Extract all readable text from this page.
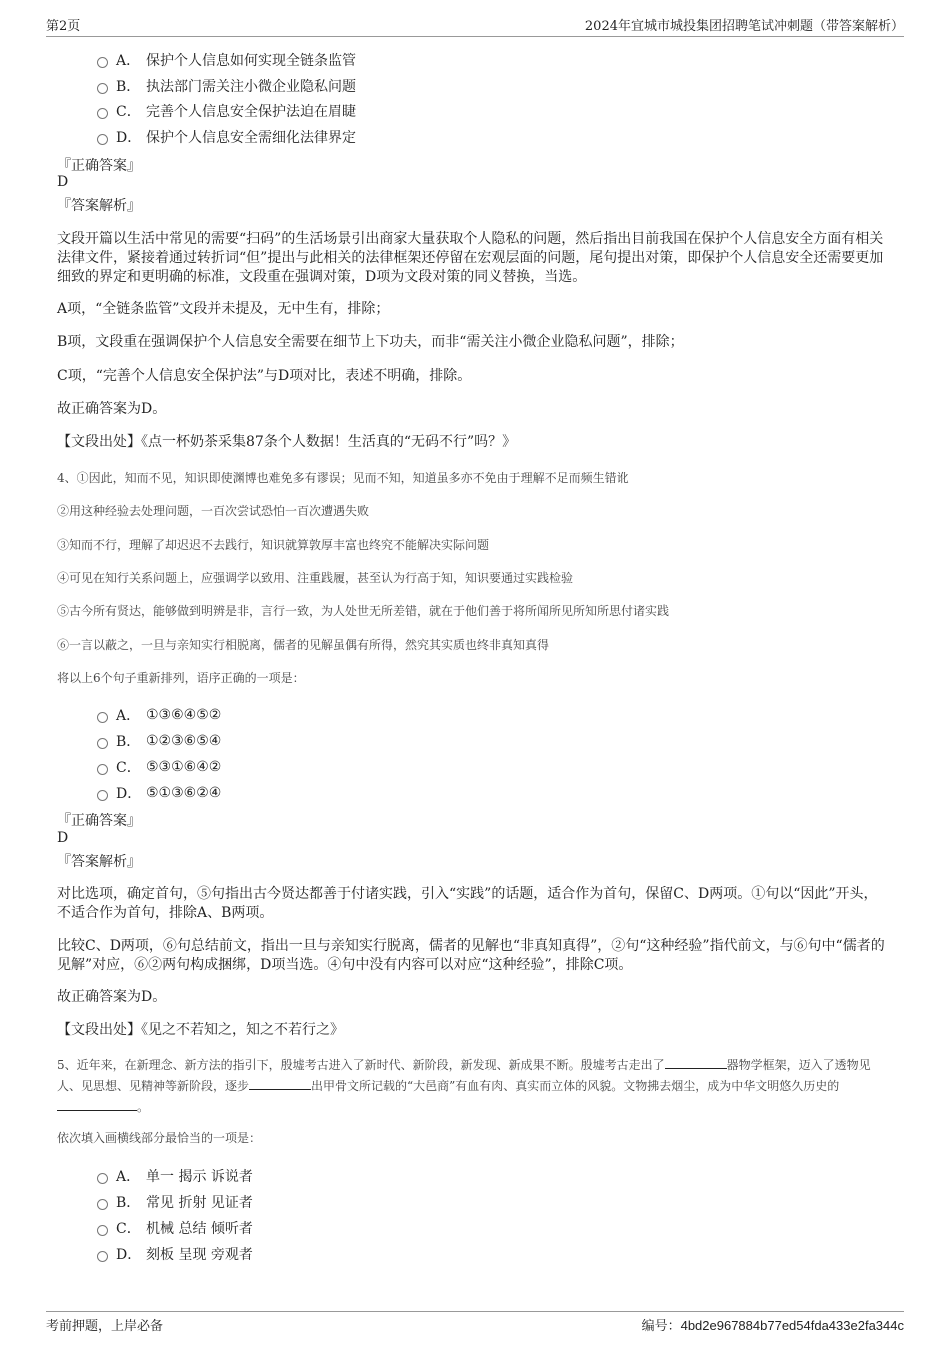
第2页	2024年宜城市城投集团招聘笔试冲刺题（带答案解析）
A． 保护个人信息如何实现全链条监管
B． 执法部门需关注小微企业隐私问题
C． 完善个人信息安全保护法迫在眉睫
D． 保护个人信息安全需细化法律界定
『正确答案』
D
『答案解析』
文段开篇以生活中常见的需要“扫码”的生活场景引出商家大量获取个人隐私的问题，然后指出目前我国在保护个人信息安全方面有相关法律文件，紧接着通过转折词“但”提出与此相关的法律框架还停留在宏观层面的问题，尾句提出对策，即保护个人信息安全还需要更加细致的界定和更明确的标准，文段重在强调对策，D项为文段对策的同义替换，当选。
A项，“全链条监管”文段并未提及，无中生有，排除；
B项，文段重在强调保护个人信息安全需要在细节上下功夫，而非“需关注小微企业隐私问题”，排除；
C项，“完善个人信息安全保护法”与D项对比，表述不明确，排除。
故正确答案为D。
【文段出处】《点一杯奶茶采集87条个人数据！生活真的“无码不行”吗？》
4、①因此，知而不见，知识即使渊博也难免多有谬误；见而不知，知道虽多亦不免由于理解不足而频生错讹
②用这种经验去处理问题，一百次尝试恐怕一百次遭遇失败
③知而不行，理解了却迟迟不去践行，知识就算敦厚丰富也终究不能解决实际问题
④可见在知行关系问题上，应强调学以致用、注重践履，甚至认为行高于知，知识要通过实践检验
⑤古今所有贤达，能够做到明辨是非，言行一致，为人处世无所差错，就在于他们善于将所闻所见所知所思付诸实践
⑥一言以蔽之，一旦与亲知实行相脱离，儒者的见解虽偶有所得，然究其实质也终非真知真得
将以上6个句子重新排列，语序正确的一项是：
A． ①③⑥④⑤②
B． ①②③⑥⑤④
C． ⑤③①⑥④②
D． ⑤①③⑥②④
『正确答案』
D
『答案解析』
对比选项，确定首句，⑤句指出古今贤达都善于付诸实践，引入“实践”的话题，适合作为首句，保留C、D两项。①句以“因此”开头，不适合作为首句，排除A、B两项。
比较C、D两项，⑥句总结前文，指出一旦与亲知实行脱离，儒者的见解也“非真知真得”，②句“这种经验”指代前文，与⑥句中“儒者的见解”对应，⑥②两句构成捆绑，D项当选。④句中没有内容可以对应“这种经验”，排除C项。
故正确答案为D。
【文段出处】《见之不若知之，知之不若行之》
5、近年来，在新理念、新方法的指引下，殷墟考古进入了新时代、新阶段，新发现、新成果不断。殷墟考古走出了	器物学框架，迈入了透物见人、见思想、见精神等新阶段，逐步	出甲骨文所记载的“大邑商”有血有肉、真实而立体的风貌。文物拂去烟尘，成为中华文明悠久历史的。
依次填入画横线部分最恰当的一项是：
A． 单一 揭示 诉说者
B． 常见 折射 见证者
C． 机械 总结 倾听者
D． 刻板 呈现 旁观者
考前押题，上岸必备	编号：4bd2e967884b77ed54fda433e2fa344c
